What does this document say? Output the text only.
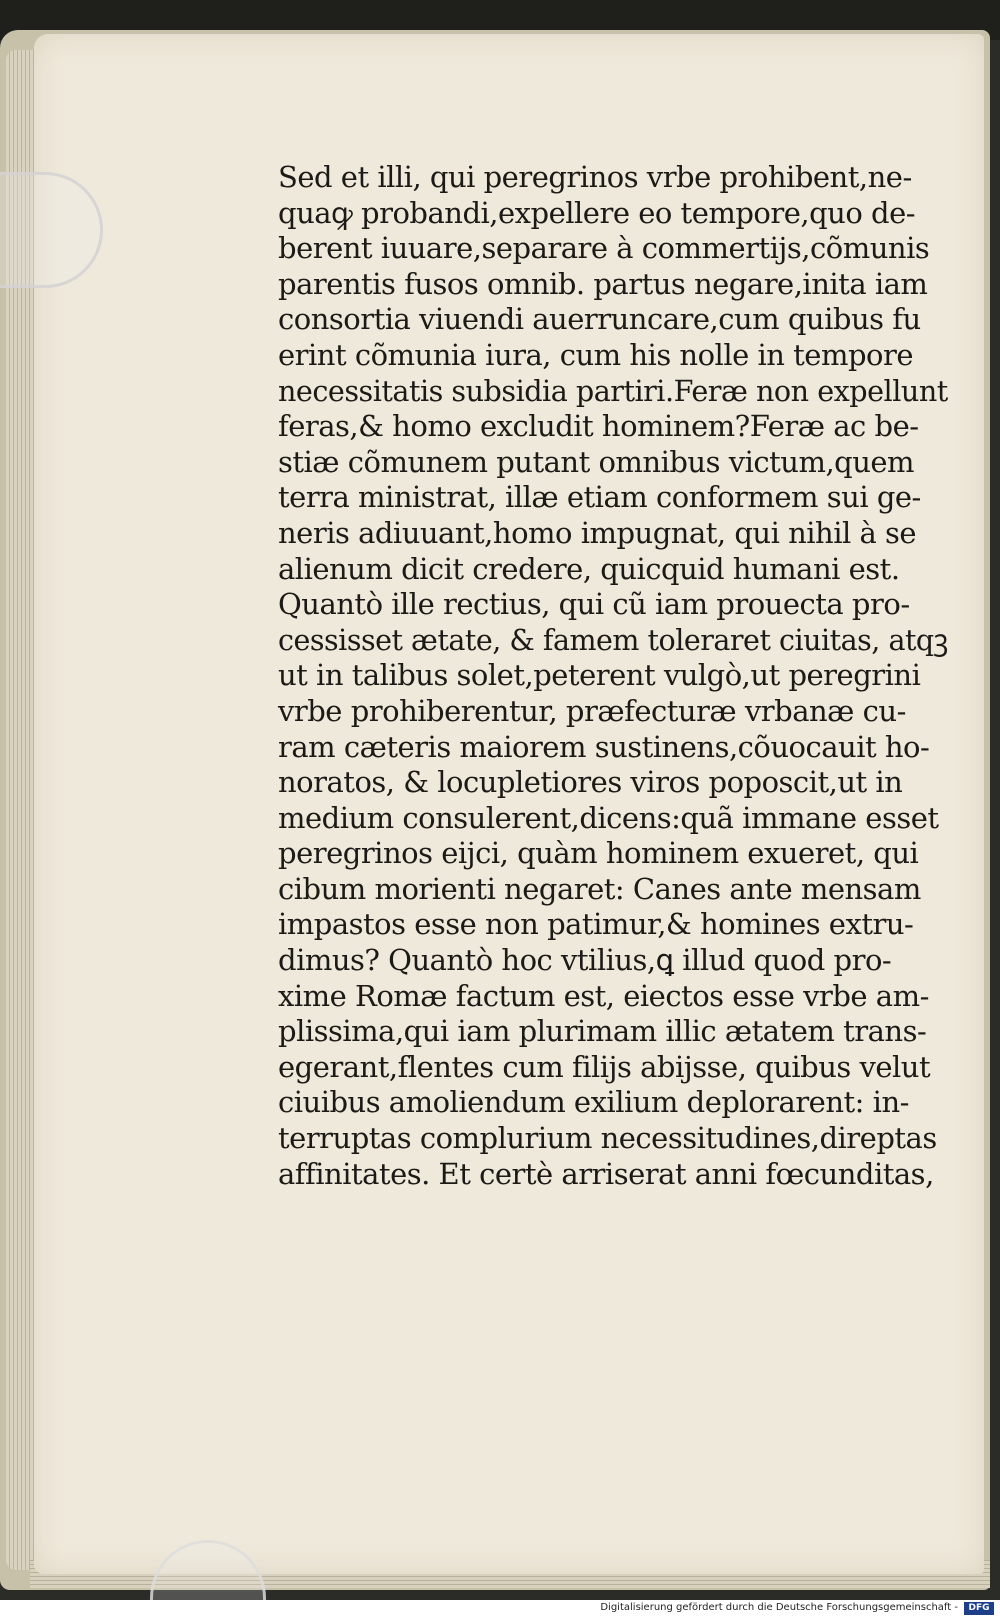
Sed et illi, qui peregrinos vrbe prohibent,ne-
quaꝙ probandi,expellere eo tempore,quo de-
berent iuuare,separare à commertijs,cõmunis
parentis fusos omnib. partus negare,inita iam
consortia viuendi auerruncare,cum quibus fu
erint cõmunia iura, cum his nolle in tempore
necessitatis subsidia partiri.Feræ non expellunt
feras,& homo excludit hominem?Feræ ac be-
stiæ cõmunem putant omnibus victum,quem
terra ministrat, illæ etiam conformem sui ge-
neris adiuuant,homo impugnat, qui nihil à se
alienum dicit credere, quicquid humani est.
Quantò ille rectius, qui cũ iam prouecta pro-
cessisset ætate, & famem toleraret ciuitas, atqꝫ
ut in talibus solet,peterent vulgò,ut peregrini
vrbe prohiberentur, præfecturæ vrbanæ cu-
ram cæteris maiorem sustinens,cõuocauit ho-
noratos, & locupletiores viros poposcit,ut in
medium consulerent,dicens:quã immane esset
peregrinos eijci, quàm hominem exueret, qui
cibum morienti negaret: Canes ante mensam
impastos esse non patimur,& homines extru-
dimus? Quantò hoc vtilius,ꝗ illud quod pro-
xime Romæ factum est, eiectos esse vrbe am-
plissima,qui iam plurimam illic ætatem trans-
egerant,flentes cum filijs abijsse, quibus velut
ciuibus amoliendum exilium deplorarent: in-
terruptas complurium necessitudines,direptas
affinitates. Et certè arriserat anni fœcunditas,
Digitalisierung gefördert durch die Deutsche Forschungsgemeinschaft -	DFG
